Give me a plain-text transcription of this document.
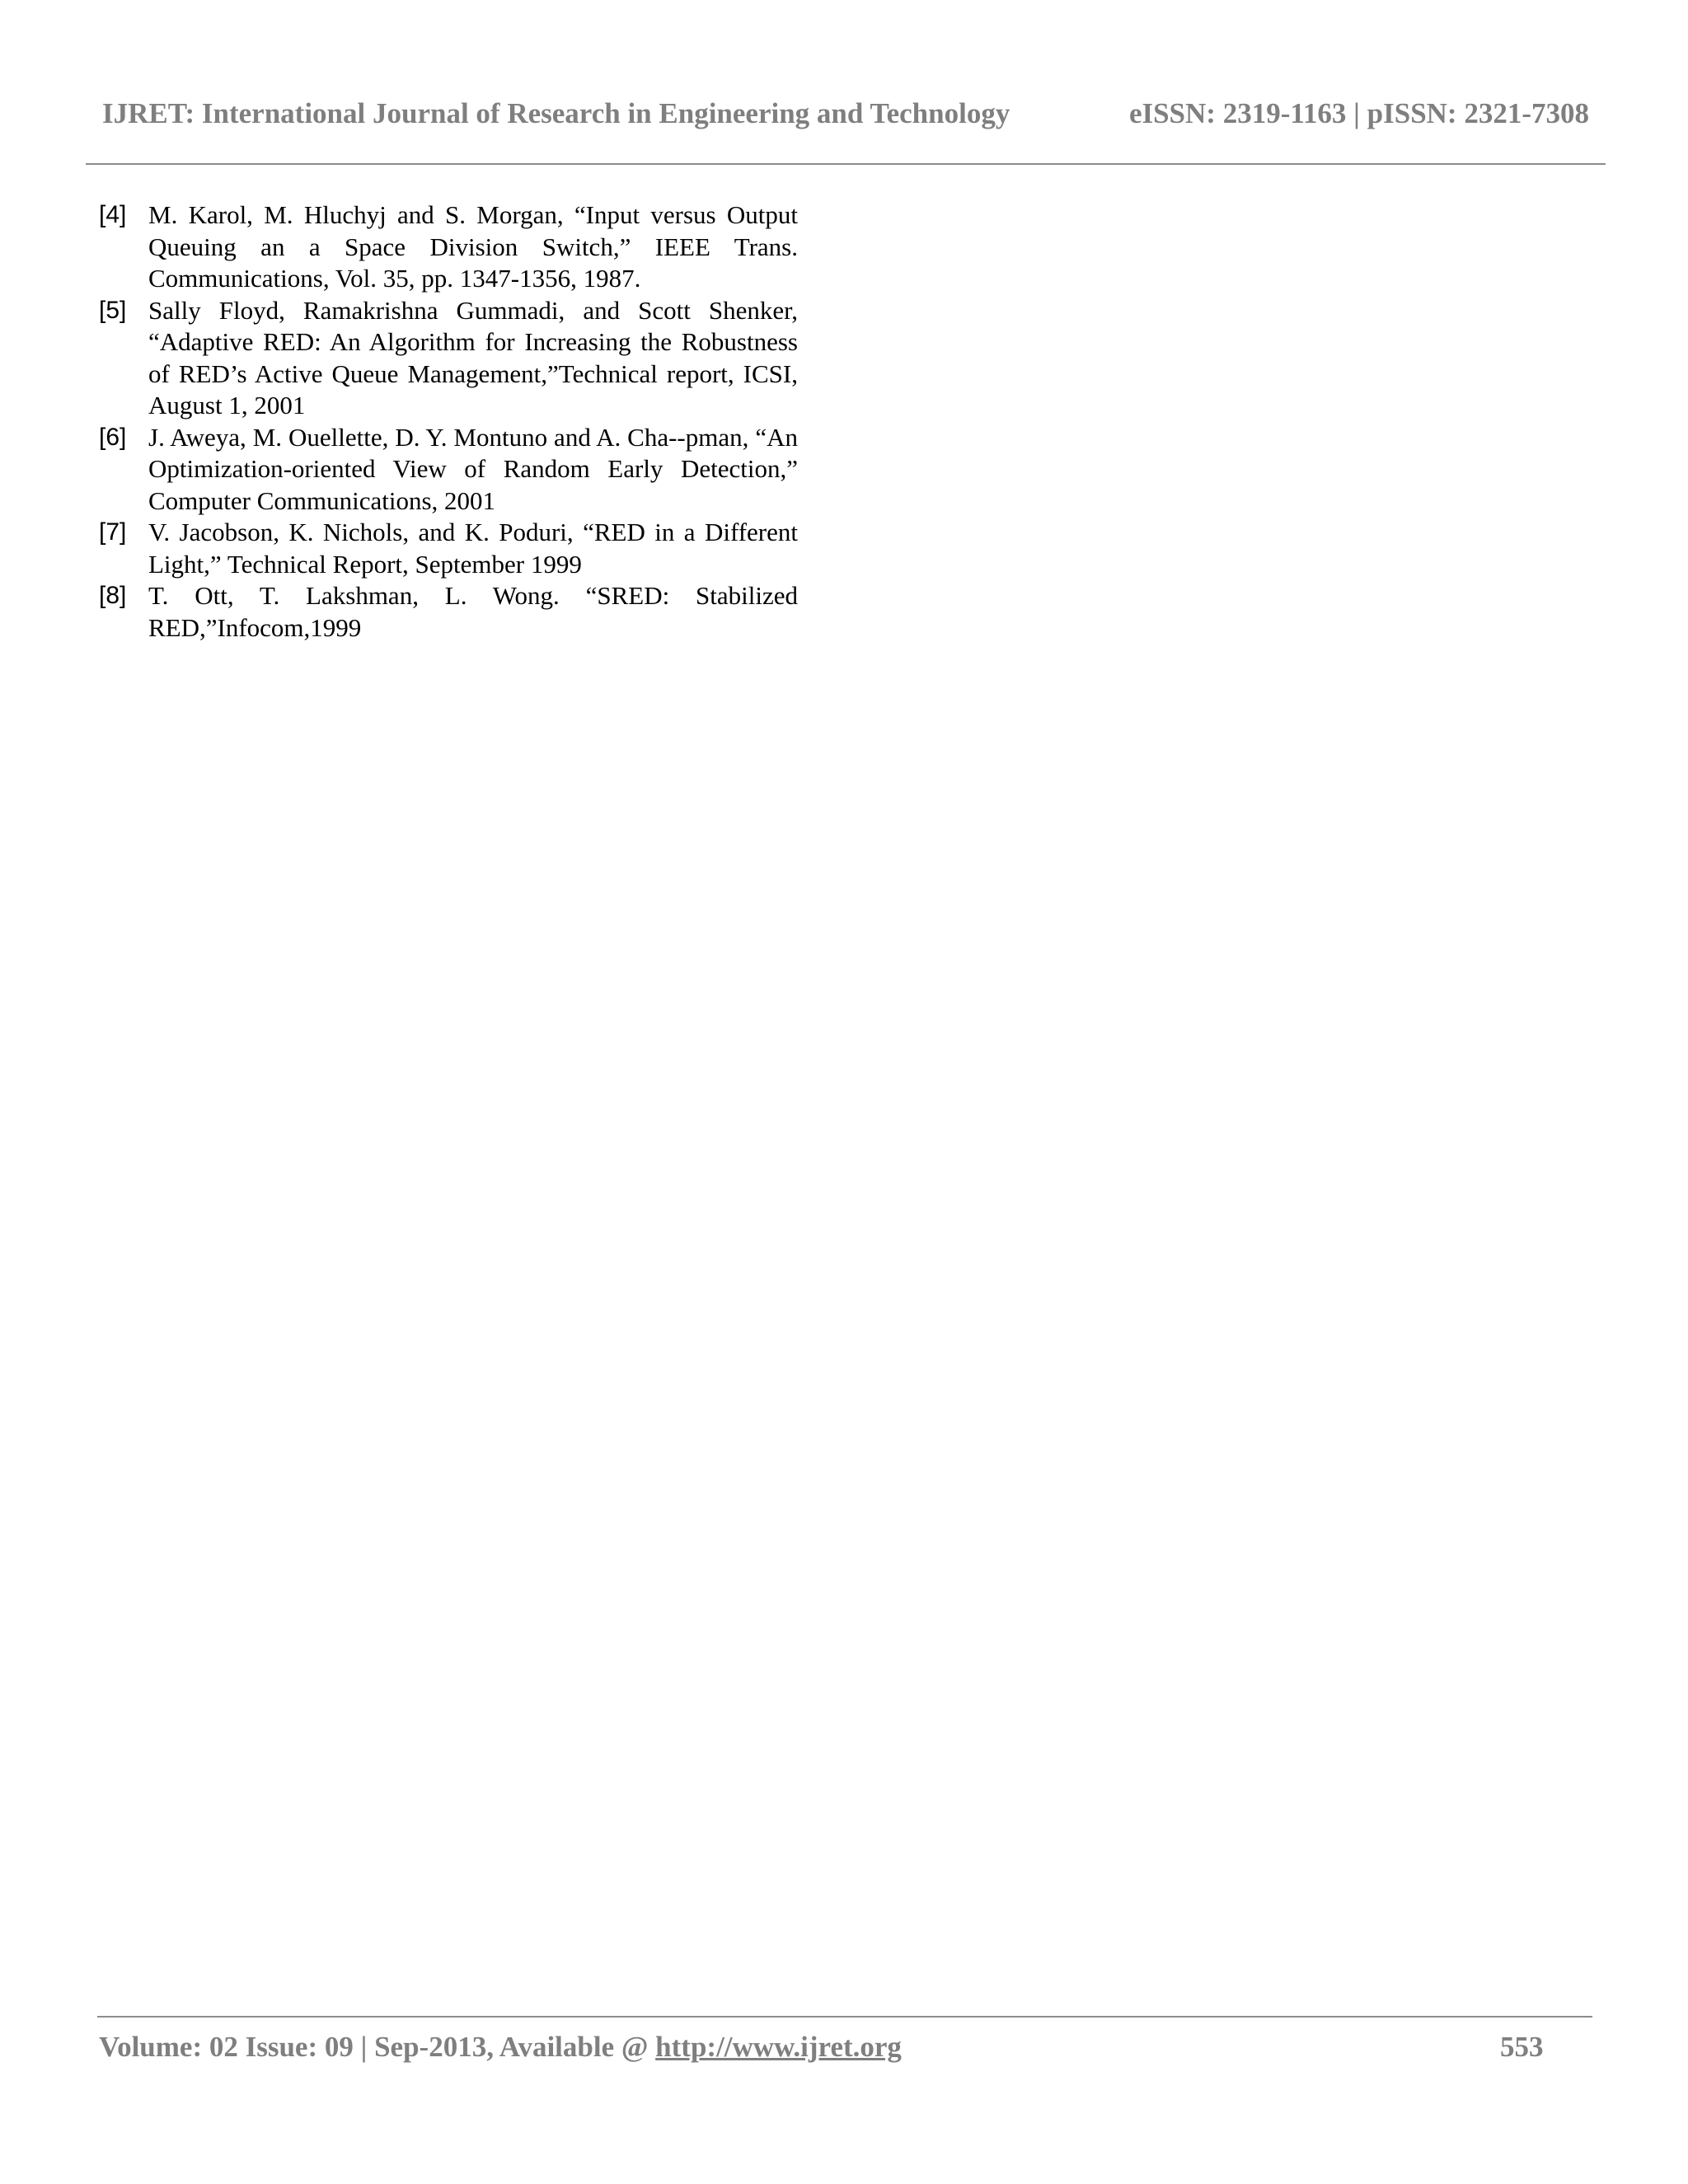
IJRET: International Journal of Research in Engineering and Technology	eISSN: 2319-1163 | pISSN: 2321-7308
[4] M. Karol, M. Hluchyj and S. Morgan, “Input versus Output Queuing an a Space Division Switch,” IEEE Trans. Communications, Vol. 35, pp. 1347-1356, 1987.
[5] Sally Floyd, Ramakrishna Gummadi, and Scott Shenker, “Adaptive RED: An Algorithm for Increasing the Robustness of RED’s Active Queue Management,”Technical report, ICSI, August 1, 2001
[6] J. Aweya, M. Ouellette, D. Y. Montuno and A. Cha--pman, “An Optimization-oriented View of Random Early Detection,” Computer Communications, 2001
[7] V. Jacobson, K. Nichols, and K. Poduri, “RED in a Different Light,” Technical Report, September 1999
[8] T. Ott, T. Lakshman, L. Wong. “SRED: Stabilized RED,”Infocom,1999
Volume: 02 Issue: 09 | Sep-2013, Available @ http://www.ijret.org	553
